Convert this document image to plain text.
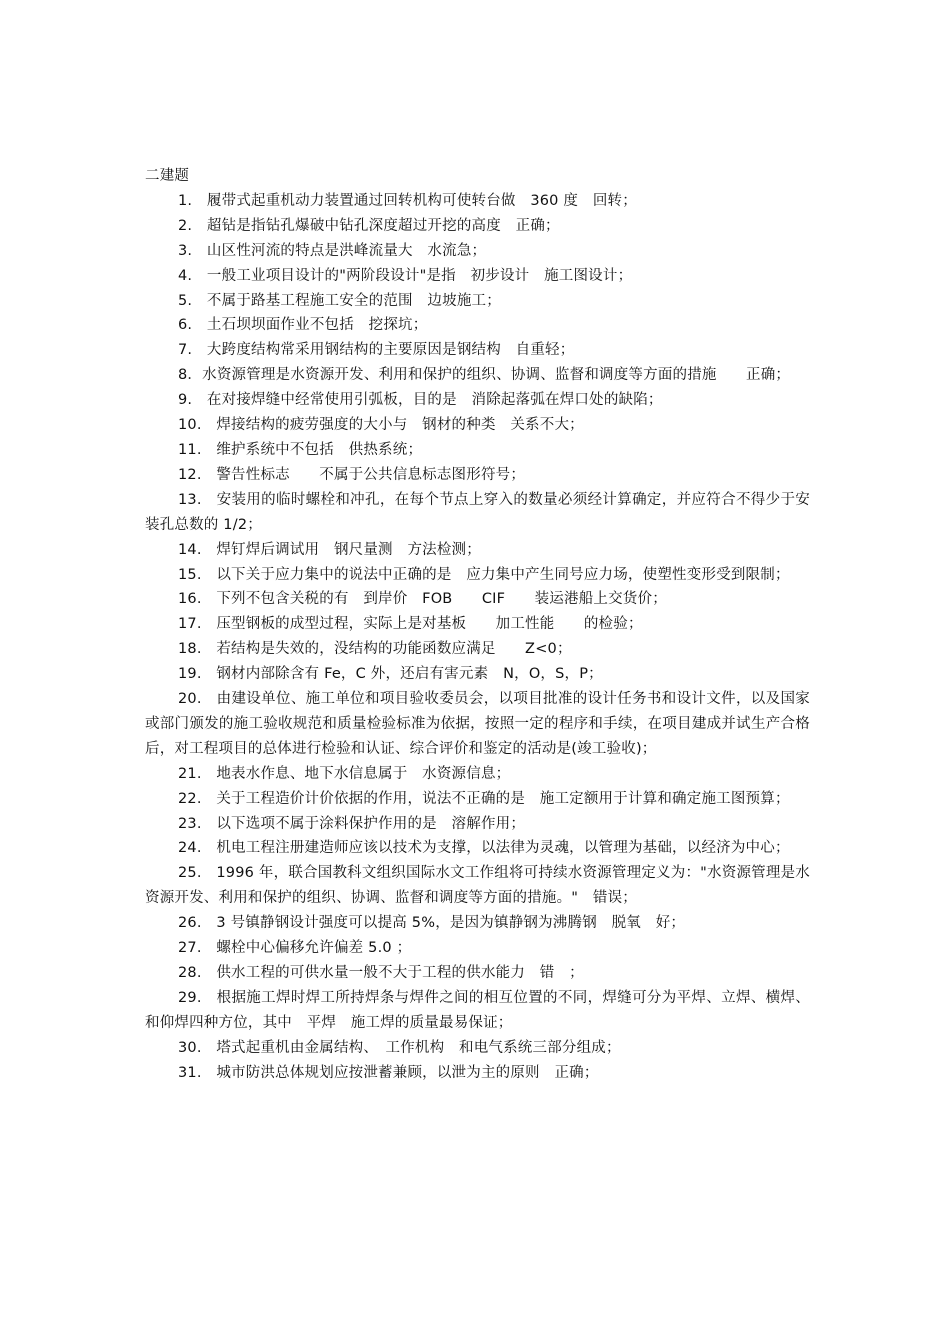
二建题

1.　履带式起重机动力装置通过回转机构可使转台做　360 度　回转；

2.　超钻是指钻孔爆破中钻孔深度超过开挖的高度　正确；

3.　山区性河流的特点是洪峰流量大　水流急；

4.　一般工业项目设计的"两阶段设计"是指　初步设计　施工图设计；

5.　不属于路基工程施工安全的范围　边坡施工；

6.　土石坝坝面作业不包括　挖探坑；

7.　大跨度结构常采用钢结构的主要原因是钢结构　自重轻；

8．水资源管理是水资源开发、利用和保护的组织、协调、监督和调度等方面的措施　　正确；

9.　在对接焊缝中经常使用引弧板，目的是　消除起落弧在焊口处的缺陷；

10.　焊接结构的疲劳强度的大小与　钢材的种类　关系不大；

11.　维护系统中不包括　供热系统；

12.　警告性标志　　不属于公共信息标志图形符号；

13.　安装用的临时螺栓和冲孔，在每个节点上穿入的数量必须经计算确定，并应符合不得少于安装孔总数的 1/2；

14.　焊钉焊后调试用　钢尺量测　方法检测；

15.　以下关于应力集中的说法中正确的是　应力集中产生同号应力场，使塑性变形受到限制；

16.　下列不包含关税的有　到岸价　FOB　　CIF　　装运港船上交货价；

17.　压型钢板的成型过程，实际上是对基板　　加工性能　　的检验；

18.　若结构是失效的，没结构的功能函数应满足　　Z<0；

19.　钢材内部除含有 Fe，C 外，还启有害元素　N，O，S，P；

20.　由建设单位、施工单位和项目验收委员会，以项目批准的设计任务书和设计文件，以及国家或部门颁发的施工验收规范和质量检验标准为依据，按照一定的程序和手续，在项目建成并试生产合格后，对工程项目的总体进行检验和认证、综合评价和鉴定的活动是(竣工验收)；

21.　地表水作息、地下水信息属于　水资源信息；

22.　关于工程造价计价依据的作用，说法不正确的是　施工定额用于计算和确定施工图预算；

23.　以下选项不属于涂料保护作用的是　溶解作用；

24.　机电工程注册建造师应该以技术为支撑，以法律为灵魂，以管理为基础，以经济为中心；

25.　1996 年，联合国教科文组织国际水文工作组将可持续水资源管理定义为："水资源管理是水资源开发、利用和保护的组织、协调、监督和调度等方面的措施。"　错误；

26.　3 号镇静钢设计强度可以提高 5%，是因为镇静钢为沸腾钢　脱氧　好；

27.　螺栓中心偏移允许偏差 5.0 ；

28.　供水工程的可供水量一般不大于工程的供水能力　错　；

29.　根据施工焊时焊工所持焊条与焊件之间的相互位置的不同，焊缝可分为平焊、立焊、横焊、和仰焊四种方位，其中　平焊　施工焊的质量最易保证；

30.　塔式起重机由金属结构、　工作机构　和电气系统三部分组成；

31.　城市防洪总体规划应按泄蓄兼顾，以泄为主的原则　正确；
